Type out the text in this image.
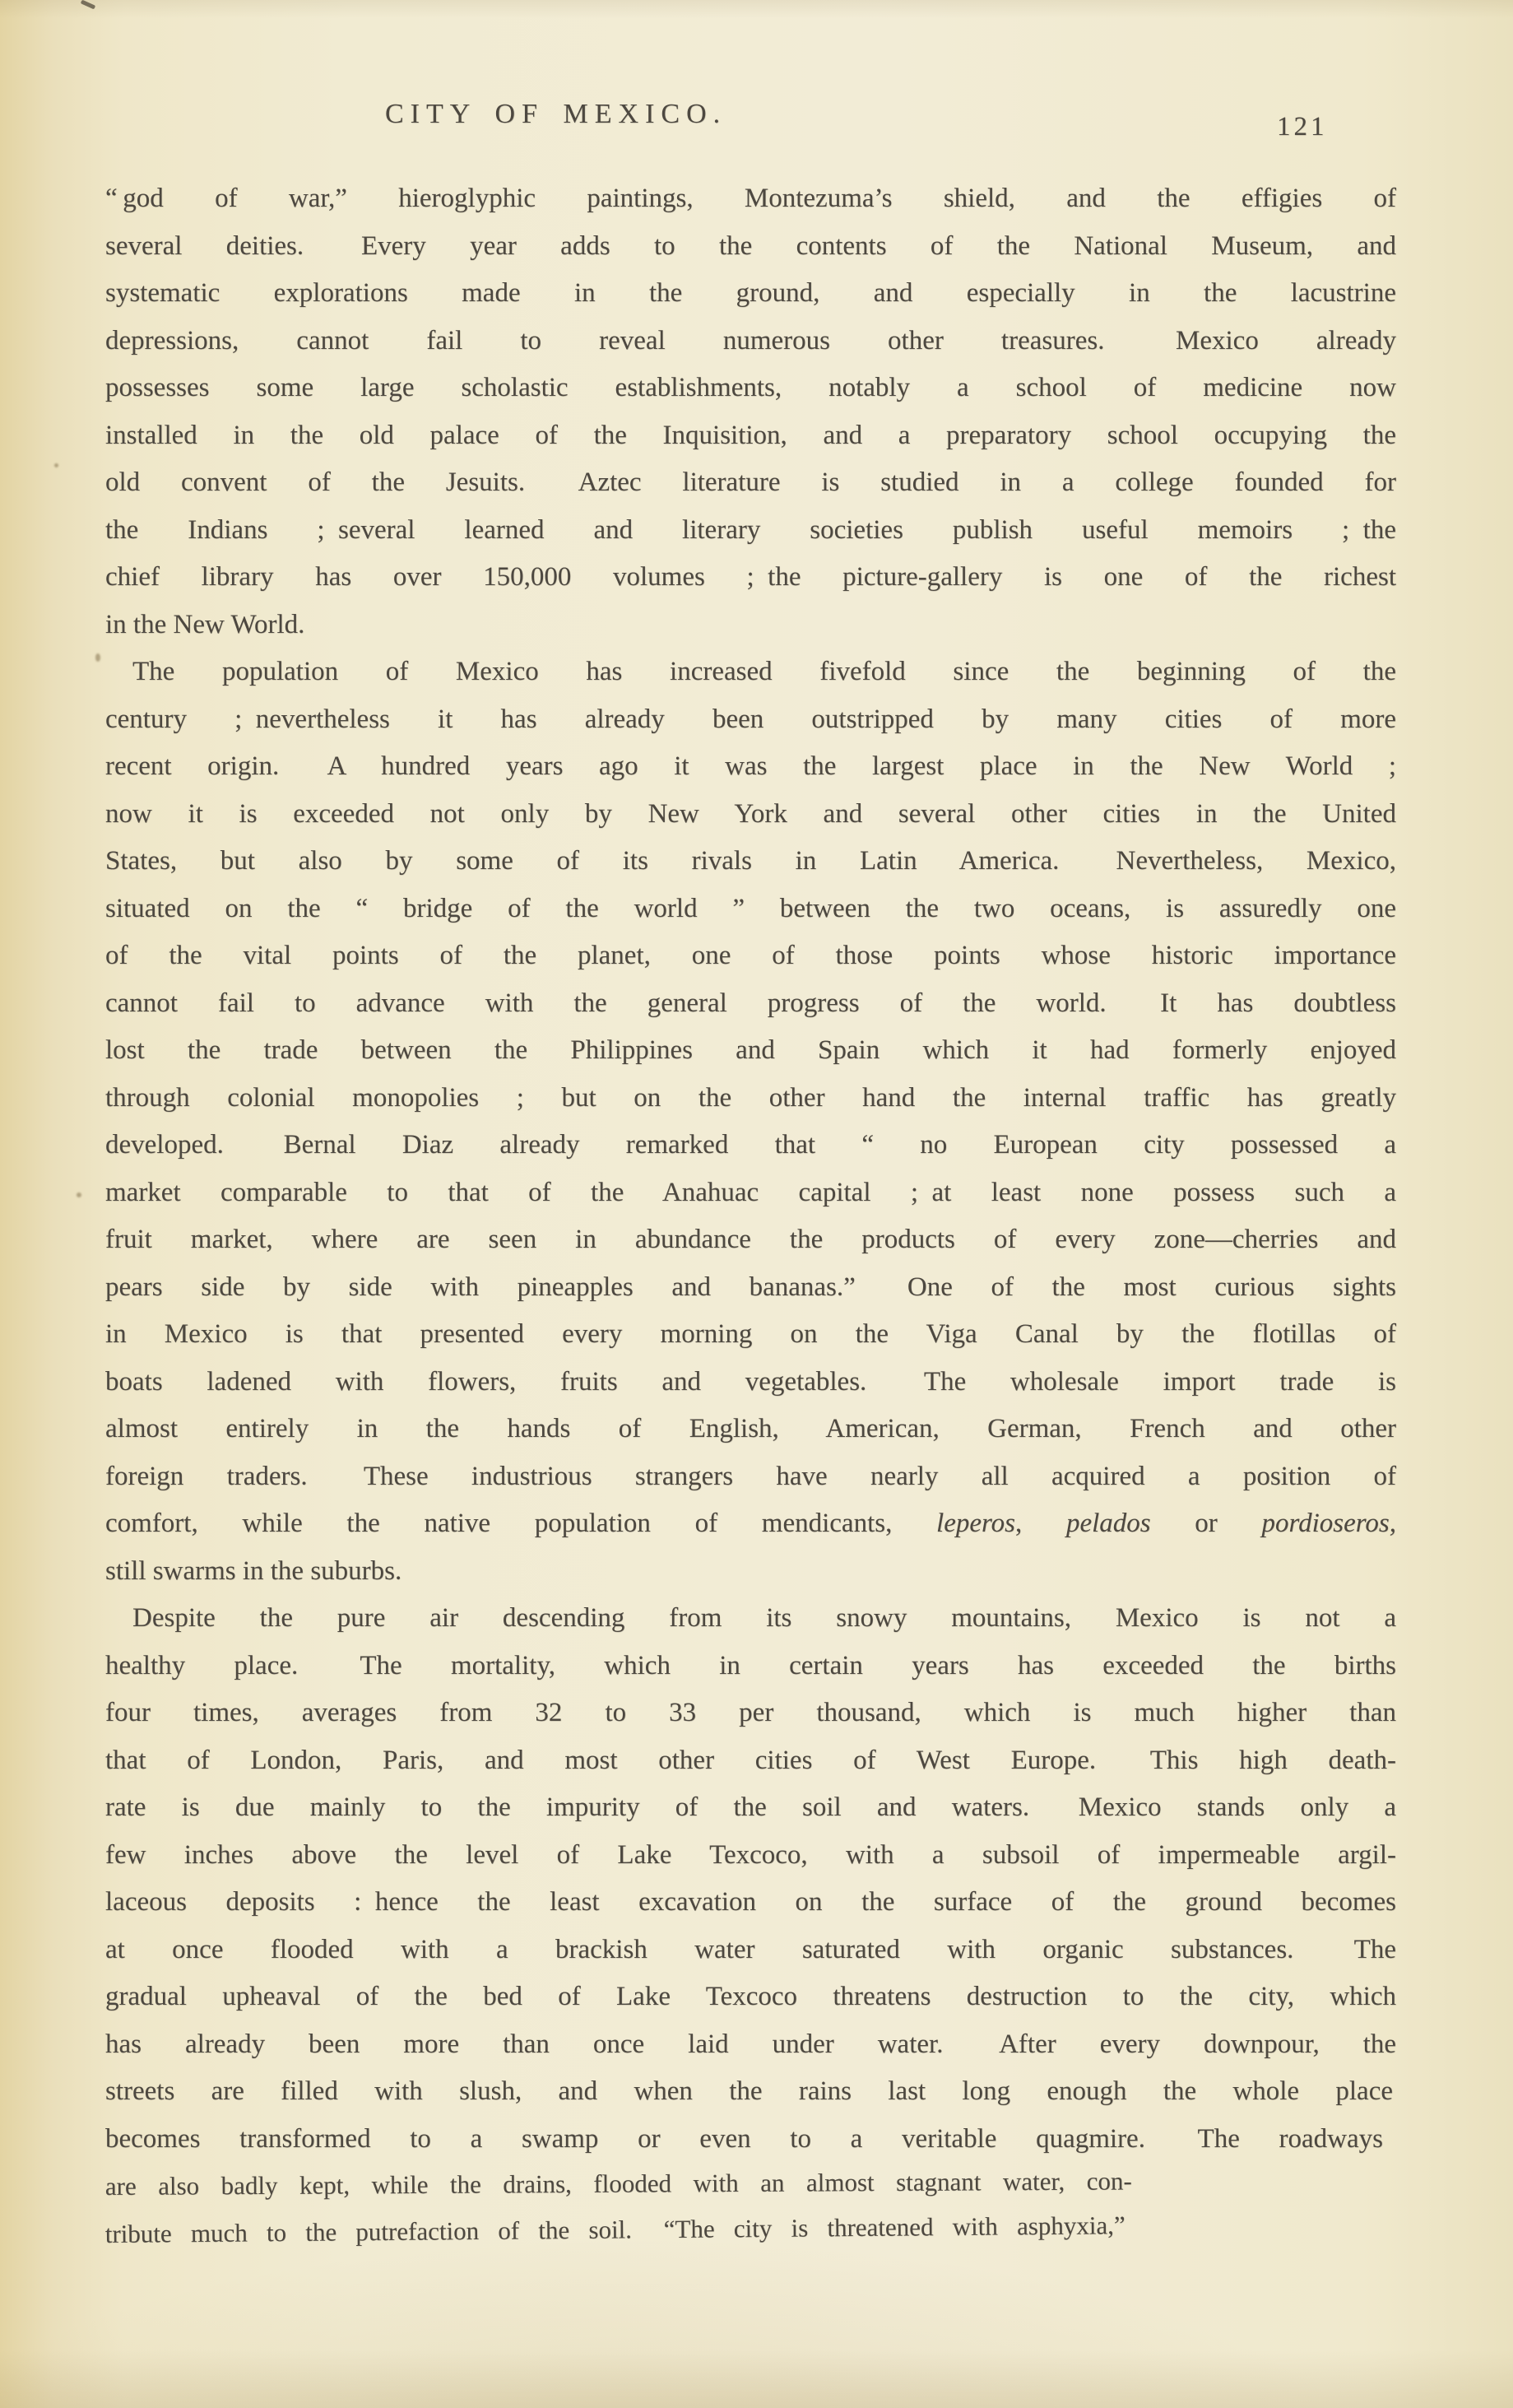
CITY OF MEXICO.	121
“ god of war,” hieroglyphic paintings, Montezuma’s shield, and the effigies of
several deities.  Every year adds to the contents of the National Museum, and
systematic explorations made in the ground, and especially in the lacustrine
depressions, cannot fail to reveal numerous other treasures.  Mexico already
possesses some large scholastic establishments, notably a school of medicine now
installed in the old palace of the Inquisition, and a preparatory school occupying the
old convent of the Jesuits.  Aztec literature is studied in a college founded for
the Indians ; several learned and literary societies publish useful memoirs ; the
chief library has over 150,000 volumes ; the picture-gallery is one of the richest
in the New World.
The population of Mexico has increased fivefold since the beginning of the
century ; nevertheless it has already been outstripped by many cities of more
recent origin.  A hundred years ago it was the largest place in the New World ;
now it is exceeded not only by New York and several other cities in the United
States, but also by some of its rivals in Latin America.  Nevertheless, Mexico,
situated on the “ bridge of the world ” between the two oceans, is assuredly one
of the vital points of the planet, one of those points whose historic importance
cannot fail to advance with the general progress of the world.  It has doubtless
lost the trade between the Philippines and Spain which it had formerly enjoyed
through colonial monopolies ; but on the other hand the internal traffic has greatly
developed.  Bernal Diaz already remarked that “ no European city possessed a
market comparable to that of the Anahuac capital ; at least none possess such a
fruit market, where are seen in abundance the products of every zone—cherries and
pears side by side with pineapples and bananas.”  One of the most curious sights
in Mexico is that presented every morning on the Viga Canal by the flotillas of
boats ladened with flowers, fruits and vegetables.  The wholesale import trade is
almost entirely in the hands of English, American, German, French and other
foreign traders.  These industrious strangers have nearly all acquired a position of
comfort, while the native population of mendicants, leperos, pelados or pordioseros,
still swarms in the suburbs.
Despite the pure air descending from its snowy mountains, Mexico is not a
healthy place.  The mortality, which in certain years has exceeded the births
four times, averages from 32 to 33 per thousand, which is much higher than
that of London, Paris, and most other cities of West Europe.  This high death-
rate is due mainly to the impurity of the soil and waters.  Mexico stands only a
few inches above the level of Lake Texcoco, with a subsoil of impermeable argil-
laceous deposits : hence the least excavation on the surface of the ground becomes
at once flooded with a brackish water saturated with organic substances.  The
gradual upheaval of the bed of Lake Texcoco threatens destruction to the city, which
has already been more than once laid under water.  After every downpour, the
streets are filled with slush, and when the rains last long enough the whole place
becomes transformed to a swamp or even to a veritable quagmire.  The roadways
are also badly kept, while the drains, flooded with an almost stagnant water, con-
tribute much to the putrefaction of the soil.  “The city is threatened with asphyxia,”
